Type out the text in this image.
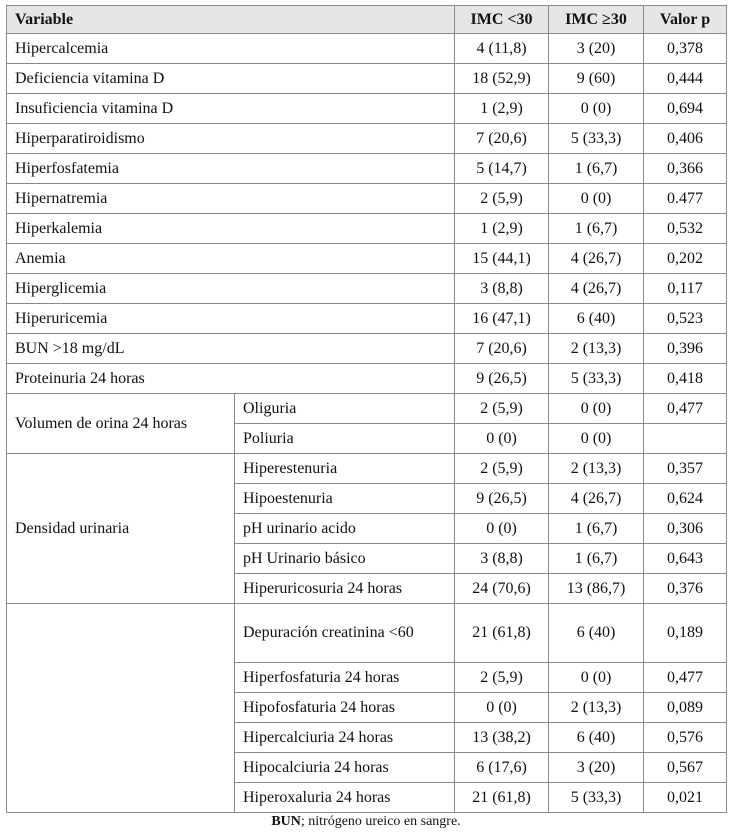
Variable		IMC <30	IMC ≥30	Valor p
Hipercalcemia		4 (11,8)	3 (20)	0,378
Deficiencia vitamina D		18 (52,9)	9 (60)	0,444
Insuficiencia vitamina D		1 (2,9)	0 (0)	0,694
Hiperparatiroidismo		7 (20,6)	5 (33,3)	0,406
Hiperfosfatemia		5 (14,7)	1 (6,7)	0,366
Hipernatremia		2 (5,9)	0 (0)	0.477
Hiperkalemia		1 (2,9)	1 (6,7)	0,532
Anemia		15 (44,1)	4 (26,7)	0,202
Hiperglicemia		3 (8,8)	4 (26,7)	0,117
Hiperuricemia		16 (47,1)	6 (40)	0,523
BUN >18 mg/dL		7 (20,6)	2 (13,3)	0,396
Proteinuria 24 horas		9 (26,5)	5 (33,3)	0,418
Volumen de orina 24 horas	Oliguria	2 (5,9)	0 (0)	0,477
	Poliuria	0 (0)	0 (0)	
Densidad urinaria	Hiperestenuria	2 (5,9)	2 (13,3)	0,357
	Hipoestenuria	9 (26,5)	4 (26,7)	0,624
	pH urinario acido	0 (0)	1 (6,7)	0,306
	pH Urinario básico	3 (8,8)	1 (6,7)	0,643
	Hiperuricosuria 24 horas	24 (70,6)	13 (86,7)	0,376
	Depuración creatinina <60	21 (61,8)	6 (40)	0,189
	Hiperfosfaturia 24 horas	2 (5,9)	0 (0)	0,477
	Hipofosfaturia 24 horas	0 (0)	2 (13,3)	0,089
	Hipercalciuria 24 horas	13 (38,2)	6 (40)	0,576
	Hipocalciuria 24 horas	6 (17,6)	3 (20)	0,567
	Hiperoxaluria 24 horas	21 (61,8)	5 (33,3)	0,021
BUN; nitrógeno ureico en sangre.
